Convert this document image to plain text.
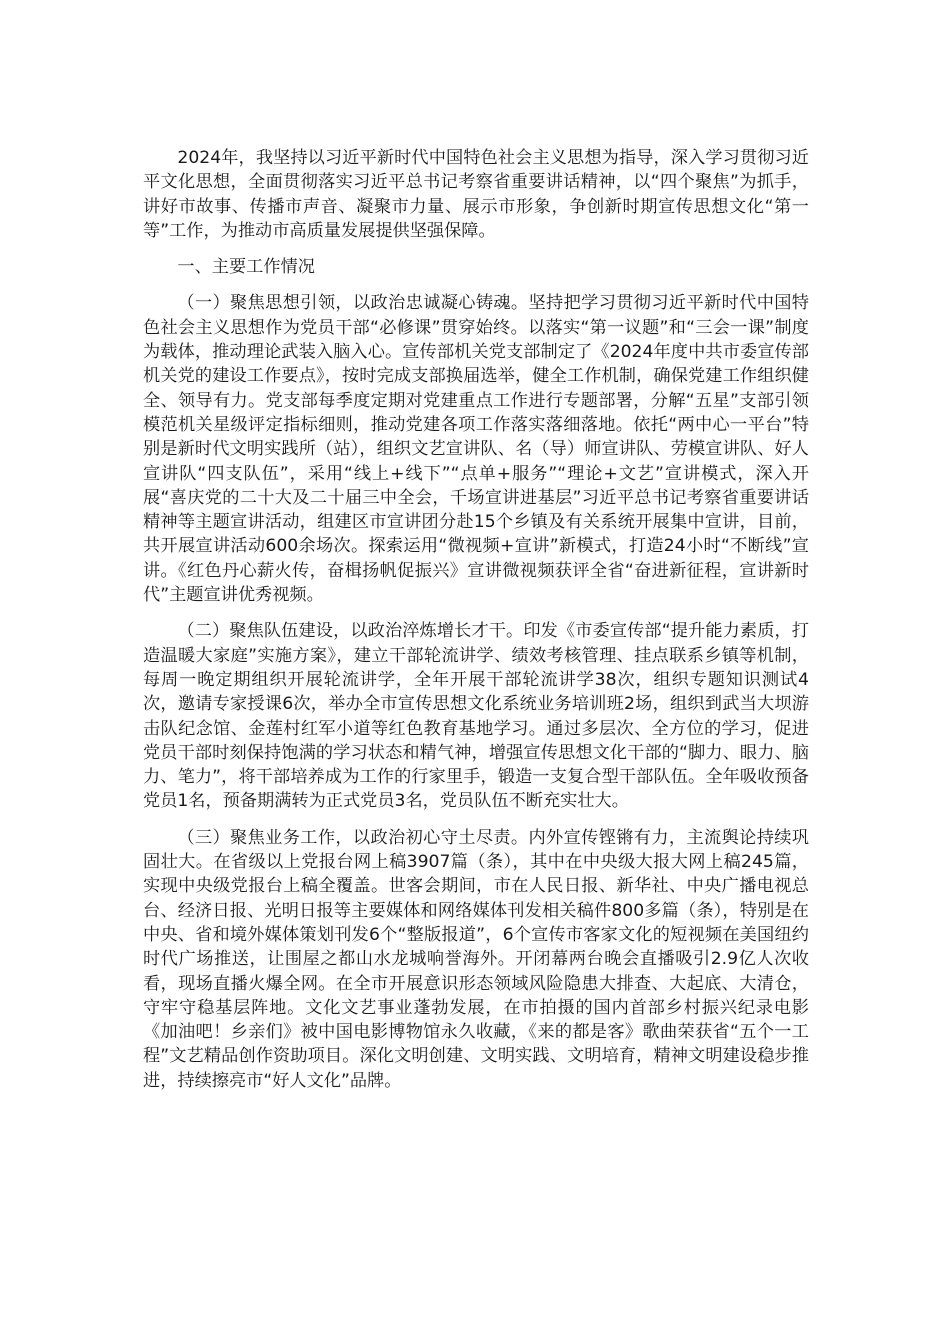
2024年，我坚持以习近平新时代中国特色社会主义思想为指导，深入学习贯彻习近平文化思想，全面贯彻落实习近平总书记考察省重要讲话精神，以“四个聚焦”为抓手，讲好市故事、传播市声音、凝聚市力量、展示市形象，争创新时期宣传思想文化“第一等”工作，为推动市高质量发展提供坚强保障。

一、主要工作情况

（一）聚焦思想引领，以政治忠诚凝心铸魂。坚持把学习贯彻习近平新时代中国特色社会主义思想作为党员干部“必修课”贯穿始终。以落实“第一议题”和“三会一课”制度为载体，推动理论武装入脑入心。宣传部机关党支部制定了《2024年度中共市委宣传部机关党的建设工作要点》，按时完成支部换届选举，健全工作机制，确保党建工作组织健全、领导有力。党支部每季度定期对党建重点工作进行专题部署，分解“五星”支部引领模范机关星级评定指标细则，推动党建各项工作落实落细落地。依托“两中心一平台”特别是新时代文明实践所（站），组织文艺宣讲队、名（导）师宣讲队、劳模宣讲队、好人宣讲队“四支队伍”，采用“线上+线下”“点单+服务”“理论+文艺”宣讲模式，深入开展“喜庆党的二十大及二十届三中全会，千场宣讲进基层”习近平总书记考察省重要讲话精神等主题宣讲活动，组建区市宣讲团分赴15个乡镇及有关系统开展集中宣讲，目前，共开展宣讲活动600余场次。探索运用“微视频+宣讲”新模式，打造24小时“不断线”宣讲。《红色丹心薪火传，奋楫扬帆促振兴》宣讲微视频获评全省“奋进新征程，宣讲新时代”主题宣讲优秀视频。

（二）聚焦队伍建设，以政治淬炼增长才干。印发《市委宣传部“提升能力素质，打造温暖大家庭”实施方案》，建立干部轮流讲学、绩效考核管理、挂点联系乡镇等机制，每周一晚定期组织开展轮流讲学，全年开展干部轮流讲学38次，组织专题知识测试4次，邀请专家授课6次，举办全市宣传思想文化系统业务培训班2场，组织到武当大坝游击队纪念馆、金莲村红军小道等红色教育基地学习。通过多层次、全方位的学习，促进党员干部时刻保持饱满的学习状态和精气神，增强宣传思想文化干部的“脚力、眼力、脑力、笔力”，将干部培养成为工作的行家里手，锻造一支复合型干部队伍。全年吸收预备党员1名，预备期满转为正式党员3名，党员队伍不断充实壮大。

（三）聚焦业务工作，以政治初心守土尽责。内外宣传铿锵有力，主流舆论持续巩固壮大。在省级以上党报台网上稿3907篇（条），其中在中央级大报大网上稿245篇，实现中央级党报台上稿全覆盖。世客会期间，市在人民日报、新华社、中央广播电视总台、经济日报、光明日报等主要媒体和网络媒体刊发相关稿件800多篇（条），特别是在中央、省和境外媒体策划刊发6个“整版报道”，6个宣传市客家文化的短视频在美国纽约时代广场推送，让围屋之都山水龙城响誉海外。开闭幕两台晚会直播吸引2.9亿人次收看，现场直播火爆全网。在全市开展意识形态领域风险隐患大排查、大起底、大清仓，守牢守稳基层阵地。文化文艺事业蓬勃发展，在市拍摄的国内首部乡村振兴纪录电影《加油吧！乡亲们》被中国电影博物馆永久收藏，《来的都是客》歌曲荣获省“五个一工程”文艺精品创作资助项目。深化文明创建、文明实践、文明培育，精神文明建设稳步推进，持续擦亮市“好人文化”品牌。
